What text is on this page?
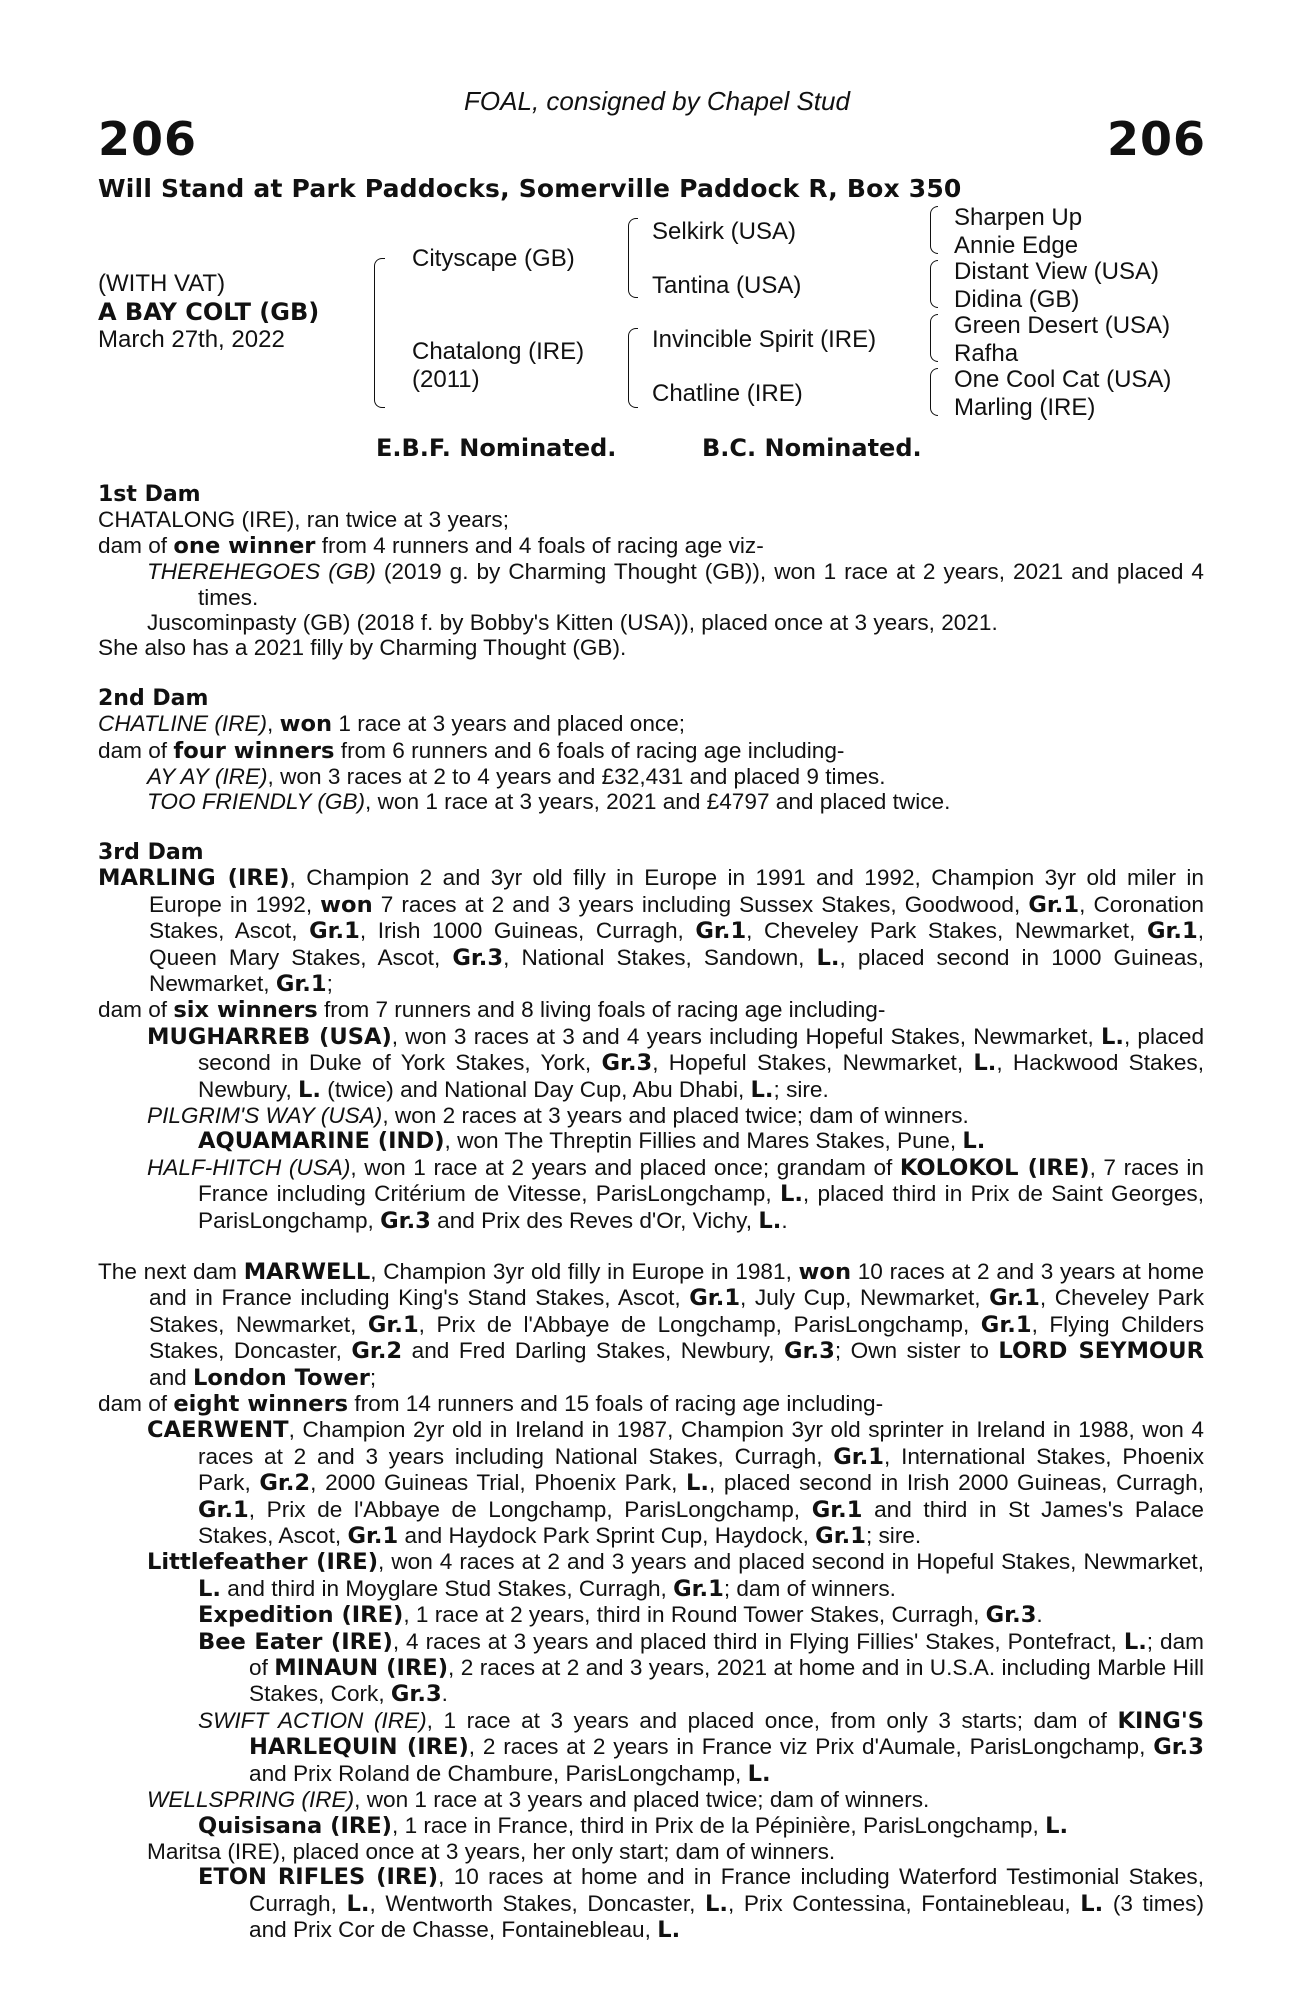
FOAL, consigned by Chapel Stud
206	206
Will Stand at Park Paddocks, Somerville Paddock R, Box 350
(WITH VAT)
A BAY COLT (GB)
March 27th, 2022
Cityscape (GB)
Chatalong (IRE)
(2011)
Selkirk (USA)
Tantina (USA)
Invincible Spirit (IRE)
Chatline (IRE)
Sharpen Up
Annie Edge
Distant View (USA)
Didina (GB)
Green Desert (USA)
Rafha
One Cool Cat (USA)
Marling (IRE)
E.B.F. Nominated.	B.C. Nominated.

1st Dam

CHATALONG (IRE), ran twice at 3 years;

dam of one winner from 4 runners and 4 foals of racing age viz-

THEREHEGOES (GB) (2019 g. by Charming Thought (GB)), won 1 race at 2 years, 2021 and placed 4 times.

Juscominpasty (GB) (2018 f. by Bobby's Kitten (USA)), placed once at 3 years, 2021.

She also has a 2021 filly by Charming Thought (GB).

2nd Dam

CHATLINE (IRE), won 1 race at 3 years and placed once;

dam of four winners from 6 runners and 6 foals of racing age including-

AY AY (IRE), won 3 races at 2 to 4 years and £32,431 and placed 9 times.

TOO FRIENDLY (GB), won 1 race at 3 years, 2021 and £4797 and placed twice.

3rd Dam

MARLING (IRE), Champion 2 and 3yr old filly in Europe in 1991 and 1992, Champion 3yr old miler in Europe in 1992, won 7 races at 2 and 3 years including Sussex Stakes, Goodwood, Gr.1, Coronation Stakes, Ascot, Gr.1, Irish 1000 Guineas, Curragh, Gr.1, Cheveley Park Stakes, Newmarket, Gr.1, Queen Mary Stakes, Ascot, Gr.3, National Stakes, Sandown, L., placed second in 1000 Guineas, Newmarket, Gr.1;

dam of six winners from 7 runners and 8 living foals of racing age including-

MUGHARREB (USA), won 3 races at 3 and 4 years including Hopeful Stakes, Newmarket, L., placed second in Duke of York Stakes, York, Gr.3, Hopeful Stakes, Newmarket, L., Hackwood Stakes, Newbury, L. (twice) and National Day Cup, Abu Dhabi, L.; sire.

PILGRIM'S WAY (USA), won 2 races at 3 years and placed twice; dam of winners.

AQUAMARINE (IND), won The Threptin Fillies and Mares Stakes, Pune, L.

HALF-HITCH (USA), won 1 race at 2 years and placed once; grandam of KOLOKOL (IRE), 7 races in France including Critérium de Vitesse, ParisLongchamp, L., placed third in Prix de Saint Georges, ParisLongchamp, Gr.3 and Prix des Reves d'Or, Vichy, L..

The next dam MARWELL, Champion 3yr old filly in Europe in 1981, won 10 races at 2 and 3 years at home and in France including King's Stand Stakes, Ascot, Gr.1, July Cup, Newmarket, Gr.1, Cheveley Park Stakes, Newmarket, Gr.1, Prix de l'Abbaye de Longchamp, ParisLongchamp, Gr.1, Flying Childers Stakes, Doncaster, Gr.2 and Fred Darling Stakes, Newbury, Gr.3; Own sister to LORD SEYMOUR and London Tower;

dam of eight winners from 14 runners and 15 foals of racing age including-

CAERWENT, Champion 2yr old in Ireland in 1987, Champion 3yr old sprinter in Ireland in 1988, won 4 races at 2 and 3 years including National Stakes, Curragh, Gr.1, International Stakes, Phoenix Park, Gr.2, 2000 Guineas Trial, Phoenix Park, L., placed second in Irish 2000 Guineas, Curragh, Gr.1, Prix de l'Abbaye de Longchamp, ParisLongchamp, Gr.1 and third in St James's Palace Stakes, Ascot, Gr.1 and Haydock Park Sprint Cup, Haydock, Gr.1; sire.

Littlefeather (IRE), won 4 races at 2 and 3 years and placed second in Hopeful Stakes, Newmarket, L. and third in Moyglare Stud Stakes, Curragh, Gr.1; dam of winners.

Expedition (IRE), 1 race at 2 years, third in Round Tower Stakes, Curragh, Gr.3.

Bee Eater (IRE), 4 races at 3 years and placed third in Flying Fillies' Stakes, Pontefract, L.; dam of MINAUN (IRE), 2 races at 2 and 3 years, 2021 at home and in U.S.A. including Marble Hill Stakes, Cork, Gr.3.

SWIFT ACTION (IRE), 1 race at 3 years and placed once, from only 3 starts; dam of KING'S HARLEQUIN (IRE), 2 races at 2 years in France viz Prix d'Aumale, ParisLongchamp, Gr.3 and Prix Roland de Chambure, ParisLongchamp, L.

WELLSPRING (IRE), won 1 race at 3 years and placed twice; dam of winners.

Quisisana (IRE), 1 race in France, third in Prix de la Pépinière, ParisLongchamp, L.

Maritsa (IRE), placed once at 3 years, her only start; dam of winners.

ETON RIFLES (IRE), 10 races at home and in France including Waterford Testimonial Stakes, Curragh, L., Wentworth Stakes, Doncaster, L., Prix Contessina, Fontainebleau, L. (3 times) and Prix Cor de Chasse, Fontainebleau, L.
